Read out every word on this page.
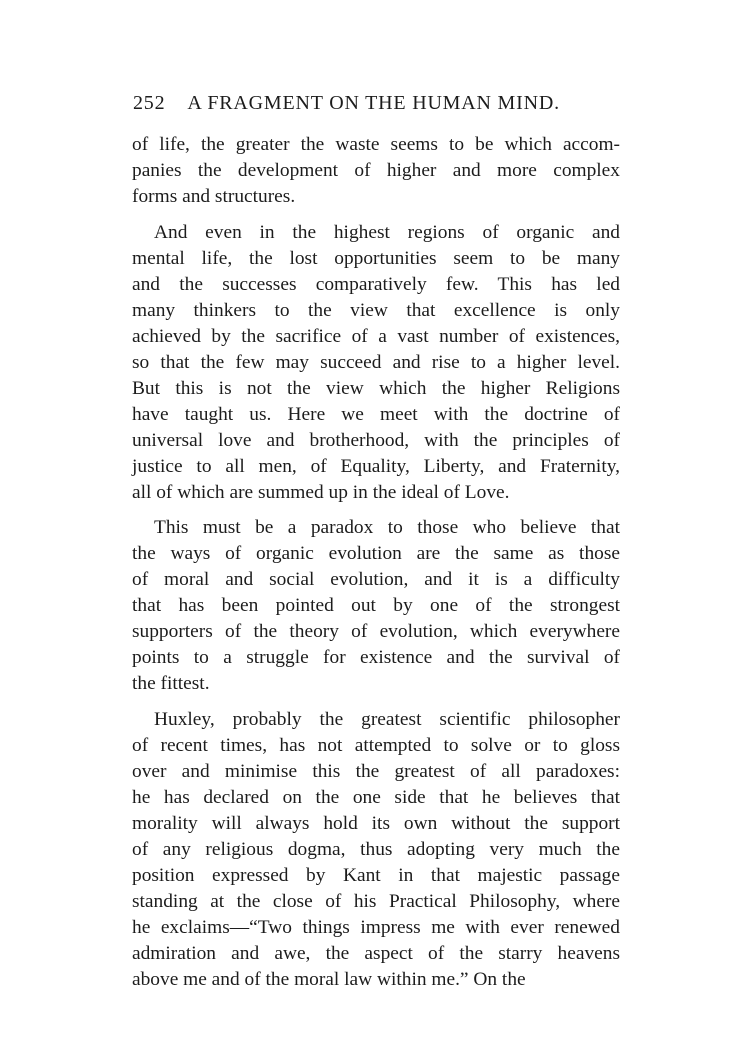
252 A FRAGMENT ON THE HUMAN MIND.
of life, the greater the waste seems to be which accom-
panies the development of higher and more complex
forms and structures.
And even in the highest regions of organic and
mental life, the lost opportunities seem to be many
and the successes comparatively few. This has led
many thinkers to the view that excellence is only
achieved by the sacrifice of a vast number of existences,
so that the few may succeed and rise to a higher level.
But this is not the view which the higher Religions
have taught us. Here we meet with the doctrine of
universal love and brotherhood, with the principles of
justice to all men, of Equality, Liberty, and Fraternity,
all of which are summed up in the ideal of Love.
This must be a paradox to those who believe that
the ways of organic evolution are the same as those
of moral and social evolution, and it is a difficulty
that has been pointed out by one of the strongest
supporters of the theory of evolution, which everywhere
points to a struggle for existence and the survival of
the fittest.
Huxley, probably the greatest scientific philosopher
of recent times, has not attempted to solve or to gloss
over and minimise this the greatest of all paradoxes:
he has declared on the one side that he believes that
morality will always hold its own without the support
of any religious dogma, thus adopting very much the
position expressed by Kant in that majestic passage
standing at the close of his Practical Philosophy, where
he exclaims—“Two things impress me with ever renewed
admiration and awe, the aspect of the starry heavens
above me and of the moral law within me.” On the
